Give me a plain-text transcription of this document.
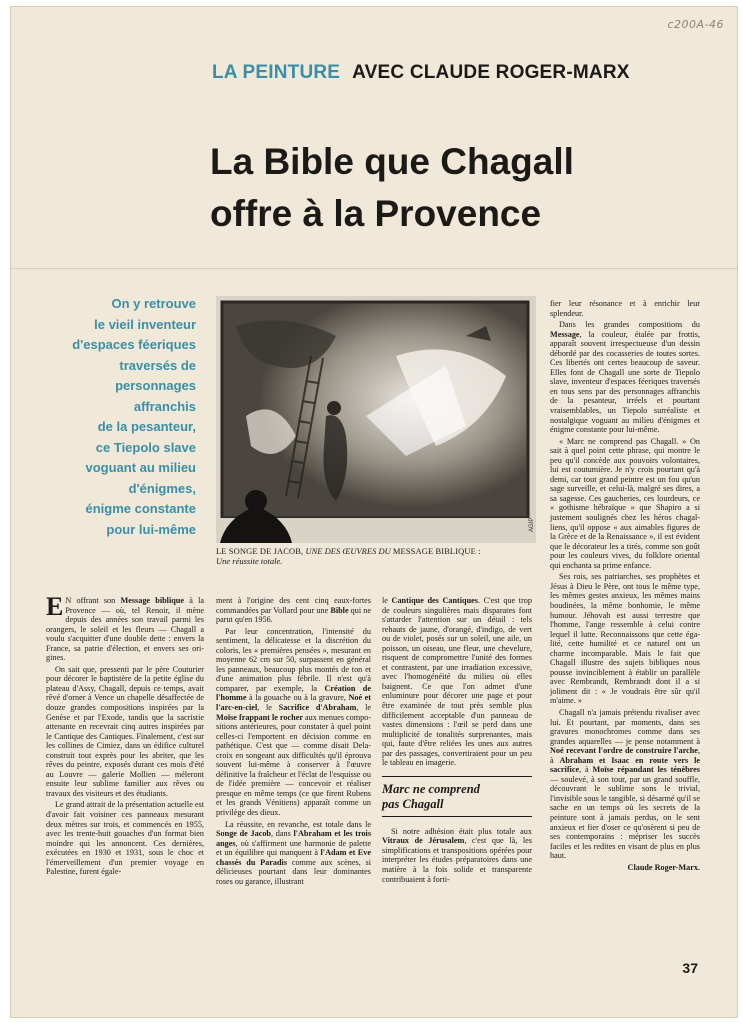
c200A-46
LA PEINTURE AVEC CLAUDE ROGER-MARX
La Bible que Chagall
offre à la Provence
On y retrouve
le vieil inventeur
d'espaces féeriques
traversés de
personnages
affranchis
de la pesanteur,
ce Tiepolo slave
voguant au milieu
d'énigmes,
énigme constante
pour lui-même	AGIP
LE SONGE DE JACOB, UNE DES ŒUVRES DU MESSAGE BIBLIQUE :
Une réussite totale.

E N offrant son Message biblique à la Provence — où, tel Renoir, il mène depuis des années son travail parmi les orangers, le soleil et les fleurs — Chagall a voulu s'acquitter d'une double dette : envers la France, sa patrie d'élection, et envers ses origines.

On sait que, pressenti par le père Couturier pour décorer le baptistère de la petite église du plateau d'Assy, Chagall, depuis ce temps, avait rêvé d'orner à Vence un chapelle désaffectée de douze grandes compositions inspirées par la Genèse et par l'Exode, tandis que la sacristie attenante en recevrait cinq autres inspirées par le Cantique des Cantiques. Finalement, c'est sur les collines de Cimiez, dans un édifice culturel construit tout exprès pour les abriter, que les rêves du peintre, exposés durant ces mois d'été au Louvre — galerie Mollien — méleront ensuite leur sublime familier aux rêves ou travaux des visiteurs et des étudiants.

Le grand attrait de la présentation actuelle est d'avoir fait voisiner ces panneaux mesurant deux mètres sur trois, et commencés en 1955, avec les trente-huit gouaches d'un format bien moindre qui les annoncent. Ces dernières, exécutées en 1930 et 1931, sous le choc et l'émerveillement d'un premier voyage en Palestine, furent égale-

ment à l'origine des cent cinq eaux-fortes commandées par Vollard pour une Bible qui ne parut qu'en 1956.

Par leur concentration, l'intensité du sentiment, la délicatesse et la discrétion du coloris, les « premières pensées », mesurant en moyenne 62 cm sur 50, surpassent en général les panneaux, beaucoup plus montés de ton et d'une animation plus fébrile. Il n'est qu'à comparer, par exemple, la Création de l'homme à la gouache ou à la gravure, Noé et l'arc-en-ciel, le Sacrifice d'Abraham, le Moïse frappant le rocher aux menues compositions antérieures, pour constater à quel point celles-ci l'emportent en décision comme en pathétique. C'est que — comme disait Delacroix en songeant aux difficultés qu'il éprouva souvent lui-même à conserver à l'œuvre définitive la fraîcheur et l'éclat de l'esquisse ou de l'idée première — concevoir et réaliser presque en même temps (ce que firent Rubens et les grands Vénitiens) apparaît comme un privilège des dieux.

La réussite, en revanche, est totale dans le Songe de Jacob, dans l'Abraham et les trois anges, où s'affirment une harmonie de palette et un équilibre qui manquent à l'Adam et Eve chassés du Paradis comme aux scènes, si délicieuses pourtant dans leur dominantes roses ou garance, illustrant

le Cantique des Cantiques. C'est que trop de couleurs singulières mais disparates font s'attarder l'attention sur un détail : tels rehauts de jaune, d'orangé, d'indigo, de vert ou de violet, posés sur un soleil, une aile, un poisson, un oiseau, une fleur, une chevelure, risquent de compromettre l'unité des formes et contrastent, par une irradiation excessive, avec l'homogénéité du milieu où elles baignent. Ce que l'on admet d'une enluminure pour décorer une page et pour être examinée de tout près semble plus difficilement acceptable d'un panneau de vastes dimensions : l'œil se perd dans une multiplicité de tonalités surprenantes, mais qui, faute d'être reliées les unes aux autres par des passages, convertiraient pour un peu le tableau en imagerie.

Marc ne comprend
pas Chagall

Si notre adhésion était plus totale aux Vitraux de Jérusalem, c'est que là, les simplifications et transpositions opérées pour interpréter les études préparatoires dans une matière à la fois solide et transparente contribuaient à forti-

fier leur résonance et à enrichir leur splendeur.

Dans les grandes compositions du Message, la couleur, étalée par frottis, apparaît souvent irrespectueuse d'un dessin débordé par des cocasseries de toutes sortes. Ces libertés ont certes beaucoup de saveur. Elles font de Chagall une sorte de Tiepolo slave, inventeur d'espaces féeriques traversés en tous sens par des personnages affranchis de la pesanteur, irréels et pourtant vraisemblables, un Tiepolo surréaliste et nostalgique voguant au milieu d'énigmes et énigme constante pour lui-même.

« Marc ne comprend pas Chagall. » On sait à quel point cette phrase, qui montre le peu qu'il concède aux pouvoirs volontaires, lui est coutumière. Je n'y crois pourtant qu'à demi, car tout grand peintre est un fou qu'un sage surveille, et celui-là, malgré ses dires, a sa sagesse. Ces gaucheries, ces lourdeurs, ce « gothisme hébraïque » que Shapiro a si justement soulignés chez les héros chagalliens, qu'il oppose « aux aimables figures de la Grèce et de la Renaissance », il est évident que le décorateur les a tirés, comme son goût pour les couleurs vives, du folklore oriental qui enchanta sa prime enfance.

Ses rois, ses patriarches, ses prophètes et Jésus à Dieu le Père, ont tous le même type, les mêmes gestes anxieux, les mêmes mains boudinées, la même bonhomie, le même humour. Jéhovah est aussi terrestre que l'homme, l'ange ressemble à celui contre lequel il lutte. Reconnaissons que cette égalité, cette humilité et ce naturel ont un charme incomparable. Mais le fait que Chagall illustre des sujets bibliques nous pousse invinciblement à établir un parallèle avec Rembrandt, Rembrandt dont il a si joliment dit : « Je voudrais être sûr qu'il m'aime. »

Chagall n'a jamais prétendu rivaliser avec lui. Et pourtant, par moments, dans ses gravures monochromes comme dans ses grandes aquarelles — je pense notamment à Noé recevant l'ordre de construire l'arche, à Abraham et Isaac en route vers le sacrifice, à Moïse répandant les ténèbres — soulevé, à son tour, par un grand souffle, découvrant le sublime sons le trivial, l'invisible sous le tangible, si désarmé qu'il se sache en un temps où les secrets de la peinture sont à jamais perdus, on le sent anxieux et fier d'oser ce qu'osèrent si peu de ses contemporains : mépriser les succès faciles et les redites en visant de plus en plus haut.

Claude Roger-Marx.

37
